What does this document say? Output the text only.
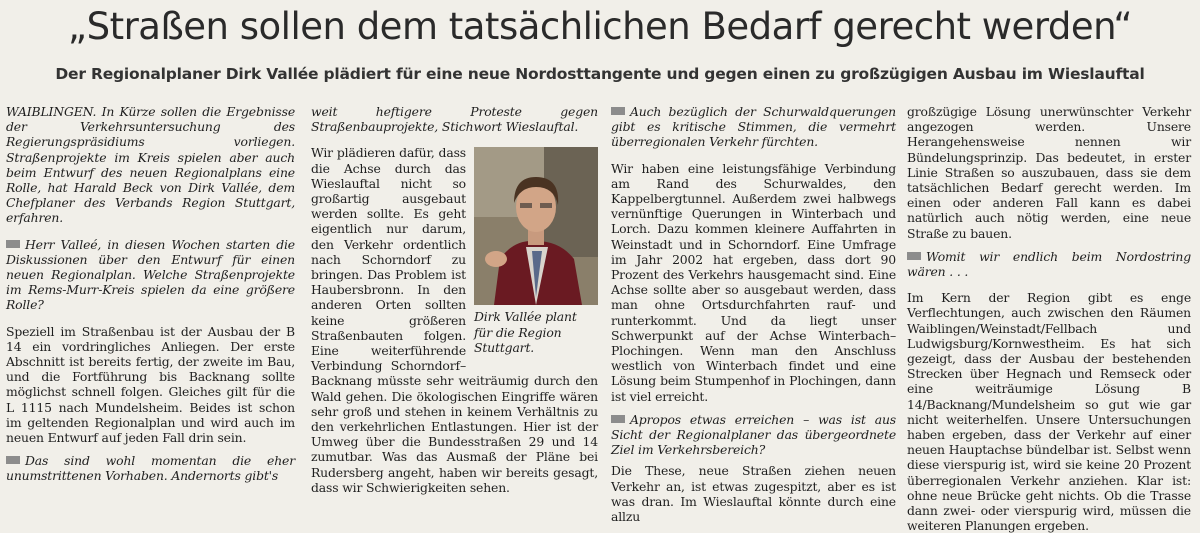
„Straßen sollen dem tatsächlichen Bedarf gerecht werden“
Der Regionalplaner Dirk Vallée plädiert für eine neue Nordosttangente und gegen einen zu großzügigen Ausbau im Wieslauftal

WAIBLINGEN. In Kürze sollen die Ergebnisse der Verkehrsuntersuchung des Regierungspräsidiums vorliegen. Straßenprojekte im Kreis spielen aber auch beim Entwurf des neuen Regionalplans eine Rolle, hat Harald Beck von Dirk Vallée, dem Chefplaner des Verbands Region Stuttgart, erfahren.

Herr Valleé, in diesen Wochen starten die Diskussionen über den Entwurf für einen neuen Regionalplan. Welche Straßenprojekte im Rems-Murr-Kreis spielen da eine größere Rolle?

Speziell im Straßenbau ist der Ausbau der B 14 ein vordringliches Anliegen. Der erste Abschnitt ist bereits fertig, der zweite im Bau, und die Fortführung bis Backnang sollte möglichst schnell folgen. Gleiches gilt für die L 1115 nach Mundelsheim. Beides ist schon im geltenden Regionalplan und wird auch im neuen Entwurf auf jeden Fall drin sein.

Das sind wohl momentan die eher unumstrittenen Vorhaben. Andernorts gibt's

weit heftigere Proteste gegen Straßenbauprojekte, Stichwort Wieslauftal.

Dirk Vallée plant für die Region Stuttgart.

Wir plädieren dafür, dass die Achse durch das Wieslauftal nicht so großartig ausgebaut werden sollte. Es geht eigentlich nur darum, den Verkehr ordentlich nach Schorndorf zu bringen. Das Problem ist Haubersbronn. In den anderen Orten sollten keine größeren Straßenbauten folgen. Eine weiterführende Verbindung Schorndorf–Backnang müsste sehr weiträumig durch den Wald gehen. Die ökologischen Eingriffe wären sehr groß und stehen in keinem Verhältnis zu den verkehrlichen Entlastungen. Hier ist der Umweg über die Bundesstraßen 29 und 14 zumutbar. Was das Ausmaß der Pläne bei Rudersberg angeht, haben wir bereits gesagt, dass wir Schwierigkeiten sehen.

Auch bezüglich der Schurwaldquerungen gibt es kritische Stimmen, die vermehrt überregionalen Verkehr fürchten.

Wir haben eine leistungsfähige Verbindung am Rand des Schurwaldes, den Kappelbergtunnel. Außerdem zwei halbwegs vernünftige Querungen in Winterbach und Lorch. Dazu kommen kleinere Auffahrten in Weinstadt und in Schorndorf. Eine Umfrage im Jahr 2002 hat ergeben, dass dort 90 Prozent des Verkehrs hausgemacht sind. Eine Achse sollte aber so ausgebaut werden, dass man ohne Ortsdurchfahrten rauf- und runterkommt. Und da liegt unser Schwerpunkt auf der Achse Winterbach–Plochingen. Wenn man den Anschluss westlich von Winterbach findet und eine Lösung beim Stumpenhof in Plochingen, dann ist viel erreicht.

Apropos etwas erreichen – was ist aus Sicht der Regionalplaner das übergeordnete Ziel im Verkehrsbereich?

Die These, neue Straßen ziehen neuen Verkehr an, ist etwas zugespitzt, aber es ist was dran. Im Wieslauftal könnte durch eine allzu

großzügige Lösung unerwünschter Verkehr angezogen werden. Unsere Herangehensweise nennen wir Bündelungsprinzip. Das bedeutet, in erster Linie Straßen so auszubauen, dass sie dem tatsächlichen Bedarf gerecht werden. Im einen oder anderen Fall kann es dabei natürlich auch nötig werden, eine neue Straße zu bauen.

Womit wir endlich beim Nordostring wären . . .

Im Kern der Region gibt es enge Verflechtungen, auch zwischen den Räumen Waiblingen/Weinstadt/Fellbach und Ludwigsburg/Kornwestheim. Es hat sich gezeigt, dass der Ausbau der bestehenden Strecken über Hegnach und Remseck oder eine weiträumige Lösung B 14/Backnang/Mundelsheim so gut wie gar nicht weiterhelfen. Unsere Untersuchungen haben ergeben, dass der Verkehr auf einer neuen Hauptachse bündelbar ist. Selbst wenn diese vierspurig ist, wird sie keine 20 Prozent überregionalen Verkehr anziehen. Klar ist: ohne neue Brücke geht nichts. Ob die Trasse dann zwei- oder vierspurig wird, müssen die weiteren Planungen ergeben.
